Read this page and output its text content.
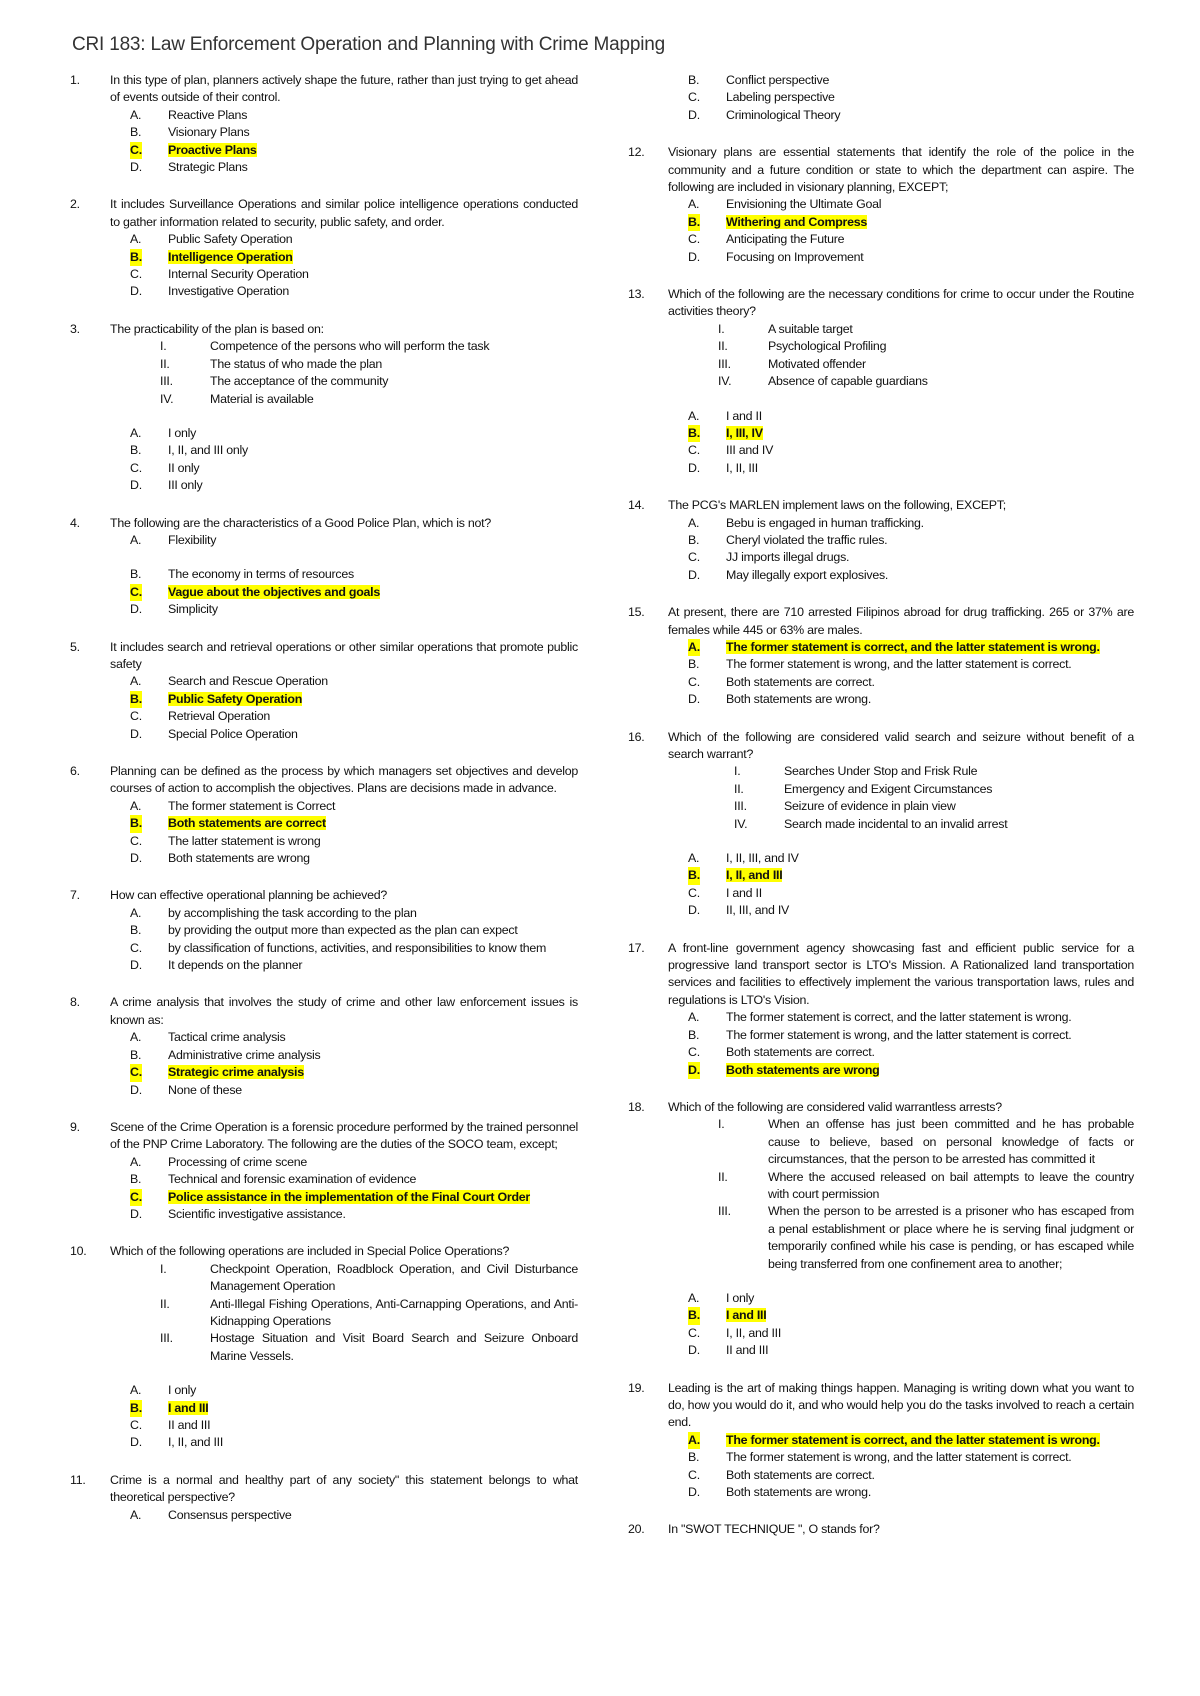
CRI 183: Law Enforcement Operation and Planning with Crime Mapping
1. In this type of plan, planners actively shape the future, rather than just trying to get ahead of events outside of their control.
A. Reactive Plans
B. Visionary Plans
C. Proactive Plans
D. Strategic Plans
2. It includes Surveillance Operations and similar police intelligence operations conducted to gather information related to security, public safety, and order.
A. Public Safety Operation
B. Intelligence Operation
C. Internal Security Operation
D. Investigative Operation
3. The practicability of the plan is based on:
I.	Competence of the persons who will perform the task
II.	The status of who made the plan
III.	The acceptance of the community
IV.	Material is available
A. I only
B. I, II, and III only
C. II only
D. III only
4. The following are the characteristics of a Good Police Plan, which is not?
A. Flexibility
B. The economy in terms of resources
C. Vague about the objectives and goals
D. Simplicity
5. It includes search and retrieval operations or other similar operations that promote public safety
A. Search and Rescue Operation
B. Public Safety Operation
C. Retrieval Operation
D. Special Police Operation
6. Planning can be defined as the process by which managers set objectives and develop courses of action to accomplish the objectives. Plans are decisions made in advance.
A. The former statement is Correct
B. Both statements are correct
C. The latter statement is wrong
D. Both statements are wrong
7. How can effective operational planning be achieved?
A. by accomplishing the task according to the plan
B. by providing the output more than expected as the plan can expect
C. by classification of functions, activities, and responsibilities to know them
D. It depends on the planner
8. A crime analysis that involves the study of crime and other law enforcement issues is known as:
A. Tactical crime analysis
B. Administrative crime analysis
C. Strategic crime analysis
D. None of these
9. Scene of the Crime Operation is a forensic procedure performed by the trained personnel of the PNP Crime Laboratory. The following are the duties of the SOCO team, except;
A. Processing of crime scene
B. Technical and forensic examination of evidence
C. Police assistance in the implementation of the Final Court Order
D. Scientific investigative assistance.
10. Which of the following operations are included in Special Police Operations?
I.	Checkpoint Operation, Roadblock Operation, and Civil Disturbance Management Operation
II.	Anti-Illegal Fishing Operations, Anti-Carnapping Operations, and Anti-Kidnapping Operations
III.	Hostage Situation and Visit Board Search and Seizure Onboard Marine Vessels.
A. I only
B. I and III
C. II and III
D. I, II, and III
11. Crime is a normal and healthy part of any society" this statement belongs to what theoretical perspective?
A. Consensus perspective
B. Conflict perspective
C. Labeling perspective
D. Criminological Theory
12. Visionary plans are essential statements that identify the role of the police in the community and a future condition or state to which the department can aspire. The following are included in visionary planning, EXCEPT;
A. Envisioning the Ultimate Goal
B. Withering and Compress
C. Anticipating the Future
D. Focusing on Improvement
13. Which of the following are the necessary conditions for crime to occur under the Routine activities theory?
I.	A suitable target
II.	Psychological Profiling
III.	Motivated offender
IV.	Absence of capable guardians
A. I and II
B. I, III, IV
C. III and IV
D. I, II, III
14. The PCG's MARLEN implement laws on the following, EXCEPT;
A. Bebu is engaged in human trafficking.
B. Cheryl violated the traffic rules.
C. JJ imports illegal drugs.
D. May illegally export explosives.
15. At present, there are 710 arrested Filipinos abroad for drug trafficking. 265 or 37% are females while 445 or 63% are males.
A. The former statement is correct, and the latter statement is wrong.
B. The former statement is wrong, and the latter statement is correct.
C. Both statements are correct.
D. Both statements are wrong.
16. Which of the following are considered valid search and seizure without benefit of a search warrant?
I.	Searches Under Stop and Frisk Rule
II.	Emergency and Exigent Circumstances
III.	Seizure of evidence in plain view
IV.	Search made incidental to an invalid arrest
A. I, II, III, and IV
B. I, II, and III
C. I and II
D. II, III, and IV
17. A front-line government agency showcasing fast and efficient public service for a progressive land transport sector is LTO's Mission. A Rationalized land transportation services and facilities to effectively implement the various transportation laws, rules and regulations is LTO's Vision.
A. The former statement is correct, and the latter statement is wrong.
B. The former statement is wrong, and the latter statement is correct.
C. Both statements are correct.
D. Both statements are wrong
18. Which of the following are considered valid warrantless arrests?
I.	When an offense has just been committed and he has probable cause to believe, based on personal knowledge of facts or circumstances, that the person to be arrested has committed it
II.	Where the accused released on bail attempts to leave the country with court permission
III.	When the person to be arrested is a prisoner who has escaped from a penal establishment or place where he is serving final judgment or temporarily confined while his case is pending, or has escaped while being transferred from one confinement area to another;
A. I only
B. I and III
C. I, II, and III
D. II and III
19. Leading is the art of making things happen. Managing is writing down what you want to do, how you would do it, and who would help you do the tasks involved to reach a certain end.
A. The former statement is correct, and the latter statement is wrong.
B. The former statement is wrong, and the latter statement is correct.
C. Both statements are correct.
D. Both statements are wrong.
20. In "SWOT TECHNIQUE ", O stands for?
